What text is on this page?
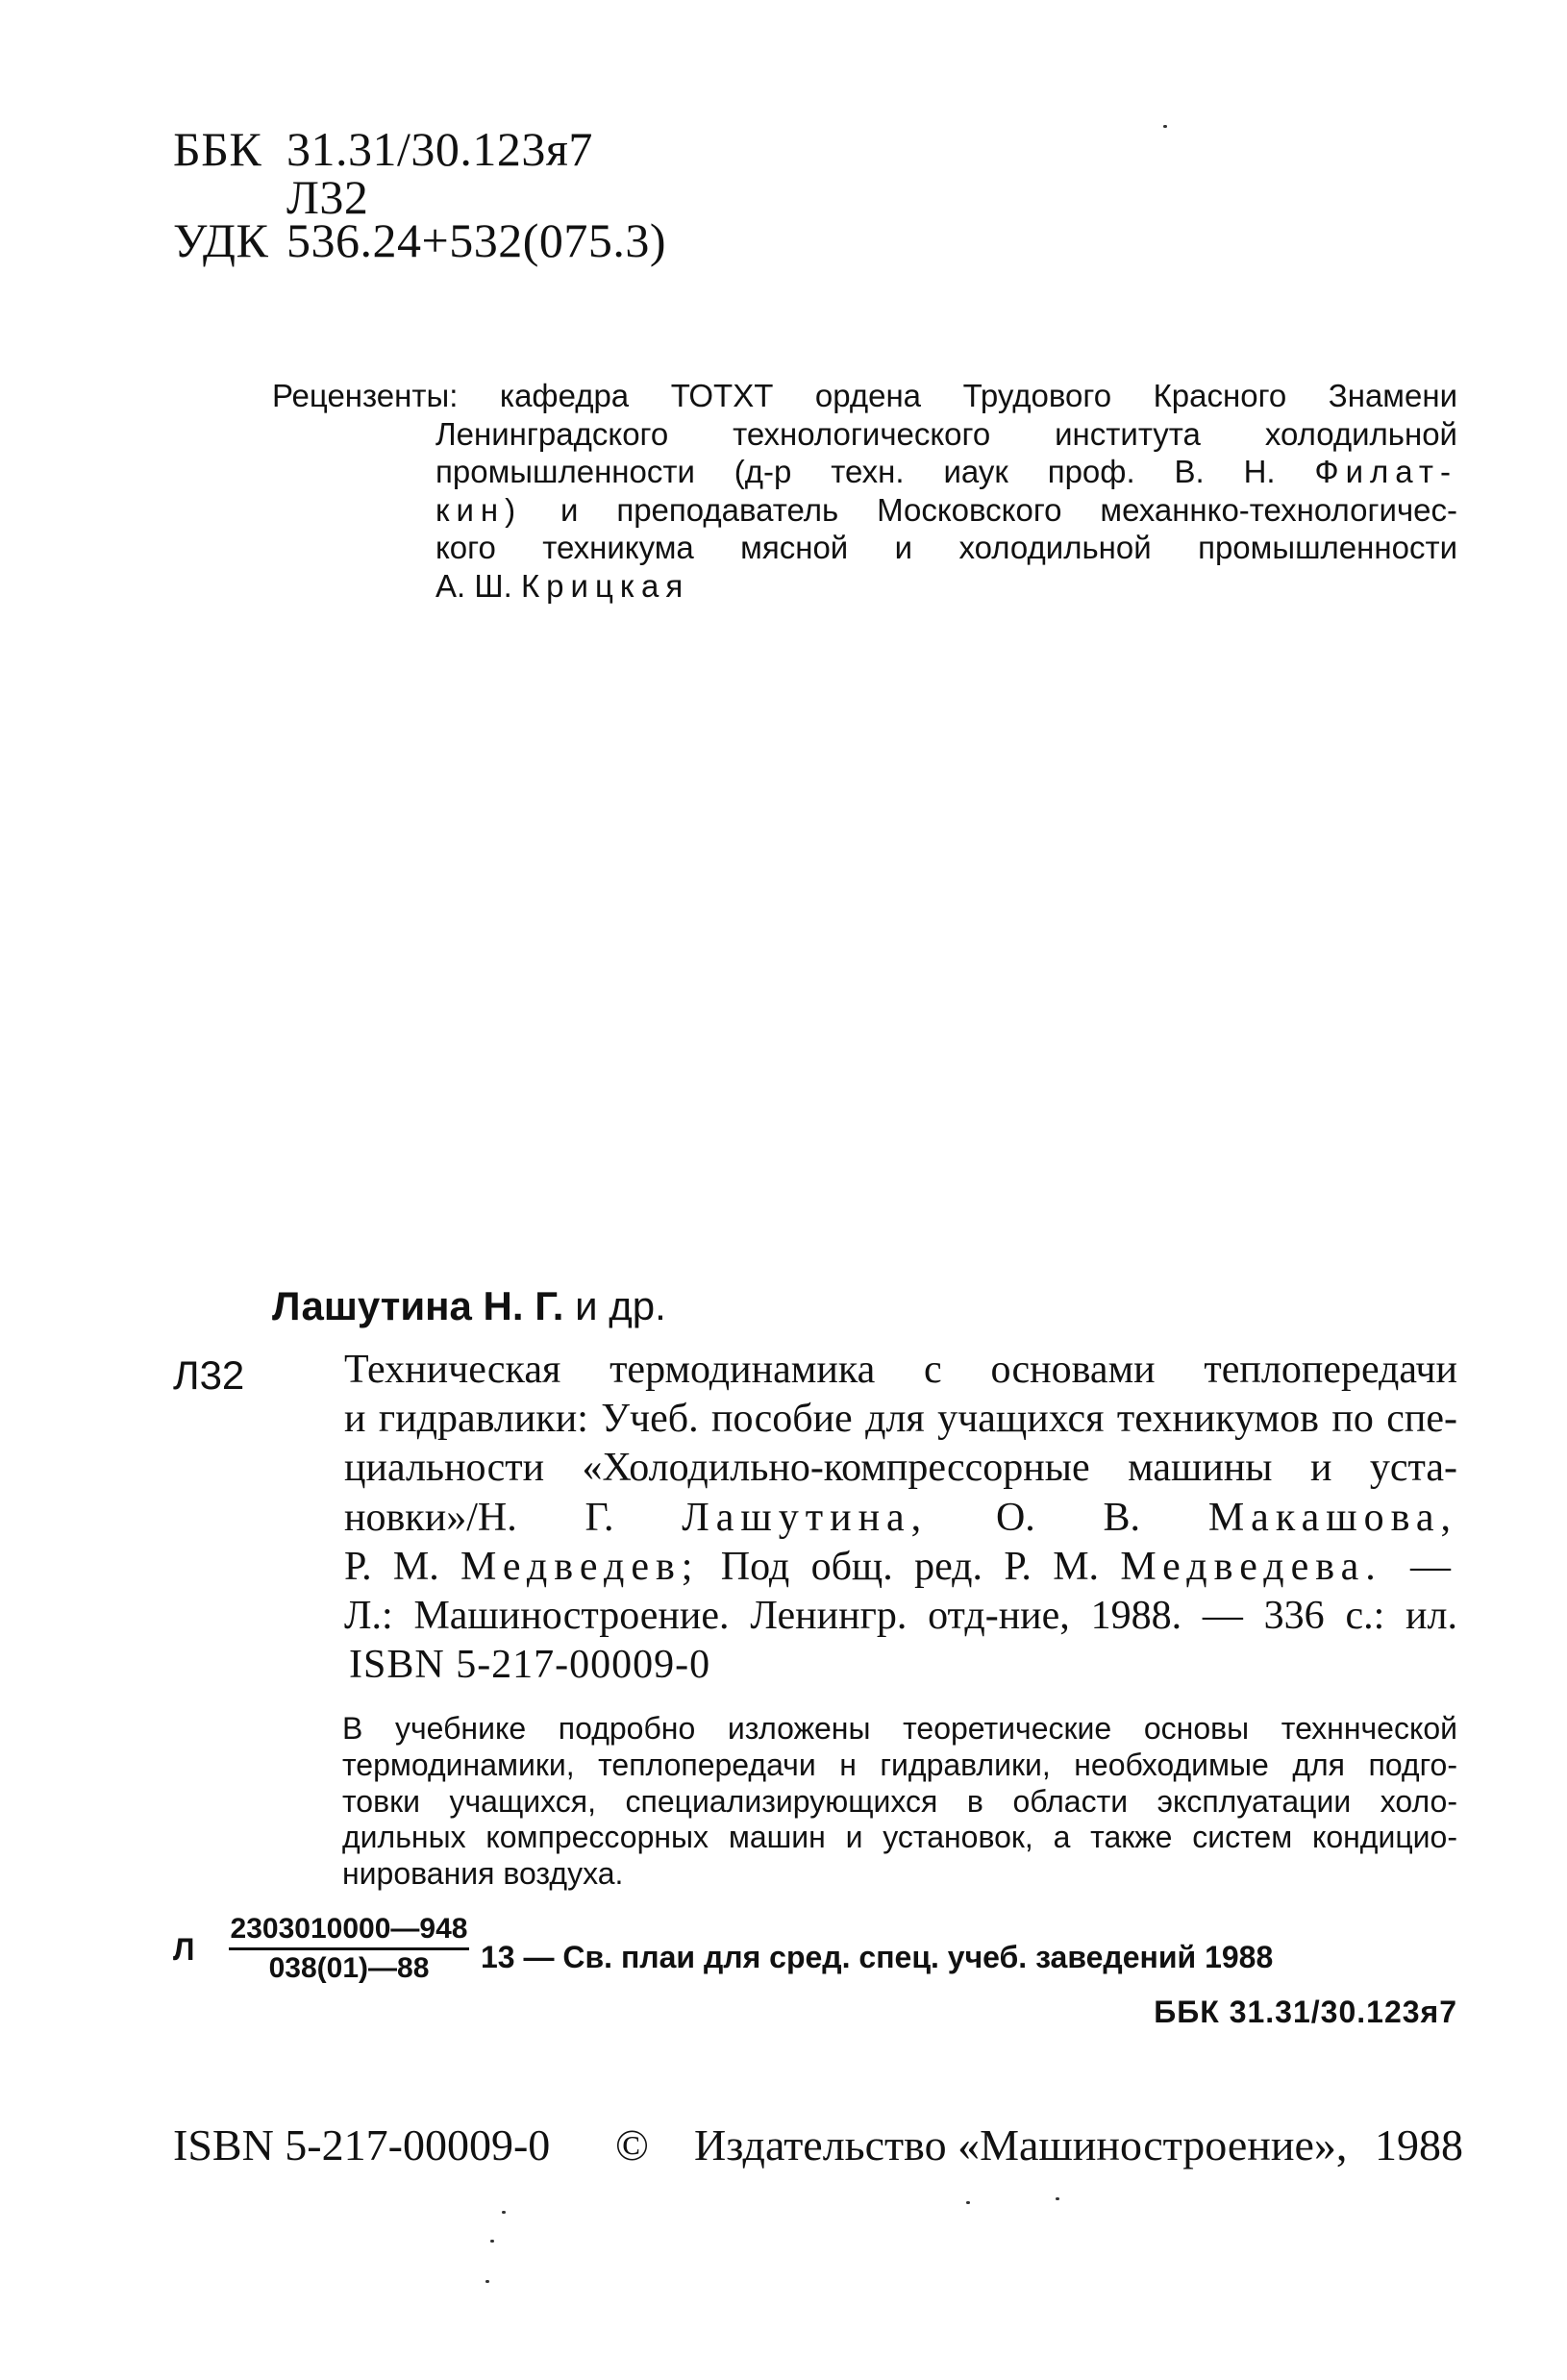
ББК 31.31/30.123я7
Л32
УДК 536.24+532(075.3)
Рецензенты: кафедра ТОТХТ ордена Трудового Красного Знамени
Ленинградского технологического института холодильной
промышленности (д-р техн. иаук проф. В. Н. Филат-
кин) и преподаватель Московского механнко-технологичес-
кого техникума мясной и холодильной промышленности
А. Ш. Крицкая
Лашутина Н. Г. и др.
Л32 Техническая термодинамика с основами теплопередачи
и гидравлики: Учеб. пособие для учащихся техникумов по спе-
циальности «Холодильно-компрессорные машины и уста-
новки»/Н. Г. Лашутина, О. В. Макашова,
Р. М. Медведев; Под общ. ред. Р. М. Медведева. —
Л.: Машиностроение. Ленингр. отд-ние, 1988. — 336 с.: ил.
ISBN 5-217-00009-0
В учебнике подробно изложены теоретические основы техннческой
термодинамики, теплопередачи н гидравлики, необходимые для подго-
товки учащихся, специализирующихся в области эксплуатации холо-
дильных компрессорных машин и установок, а также систем кондицио-
нирования воздуха.
Л $\frac{2303010000—948}{038(01)—88} 13$ — Св. плаи для сред. спец. учеб. заведений 1988
ББК 31.31/30.123я7
ISBN 5-217-00009-0 © Издательство «Машиностроение», 1988
